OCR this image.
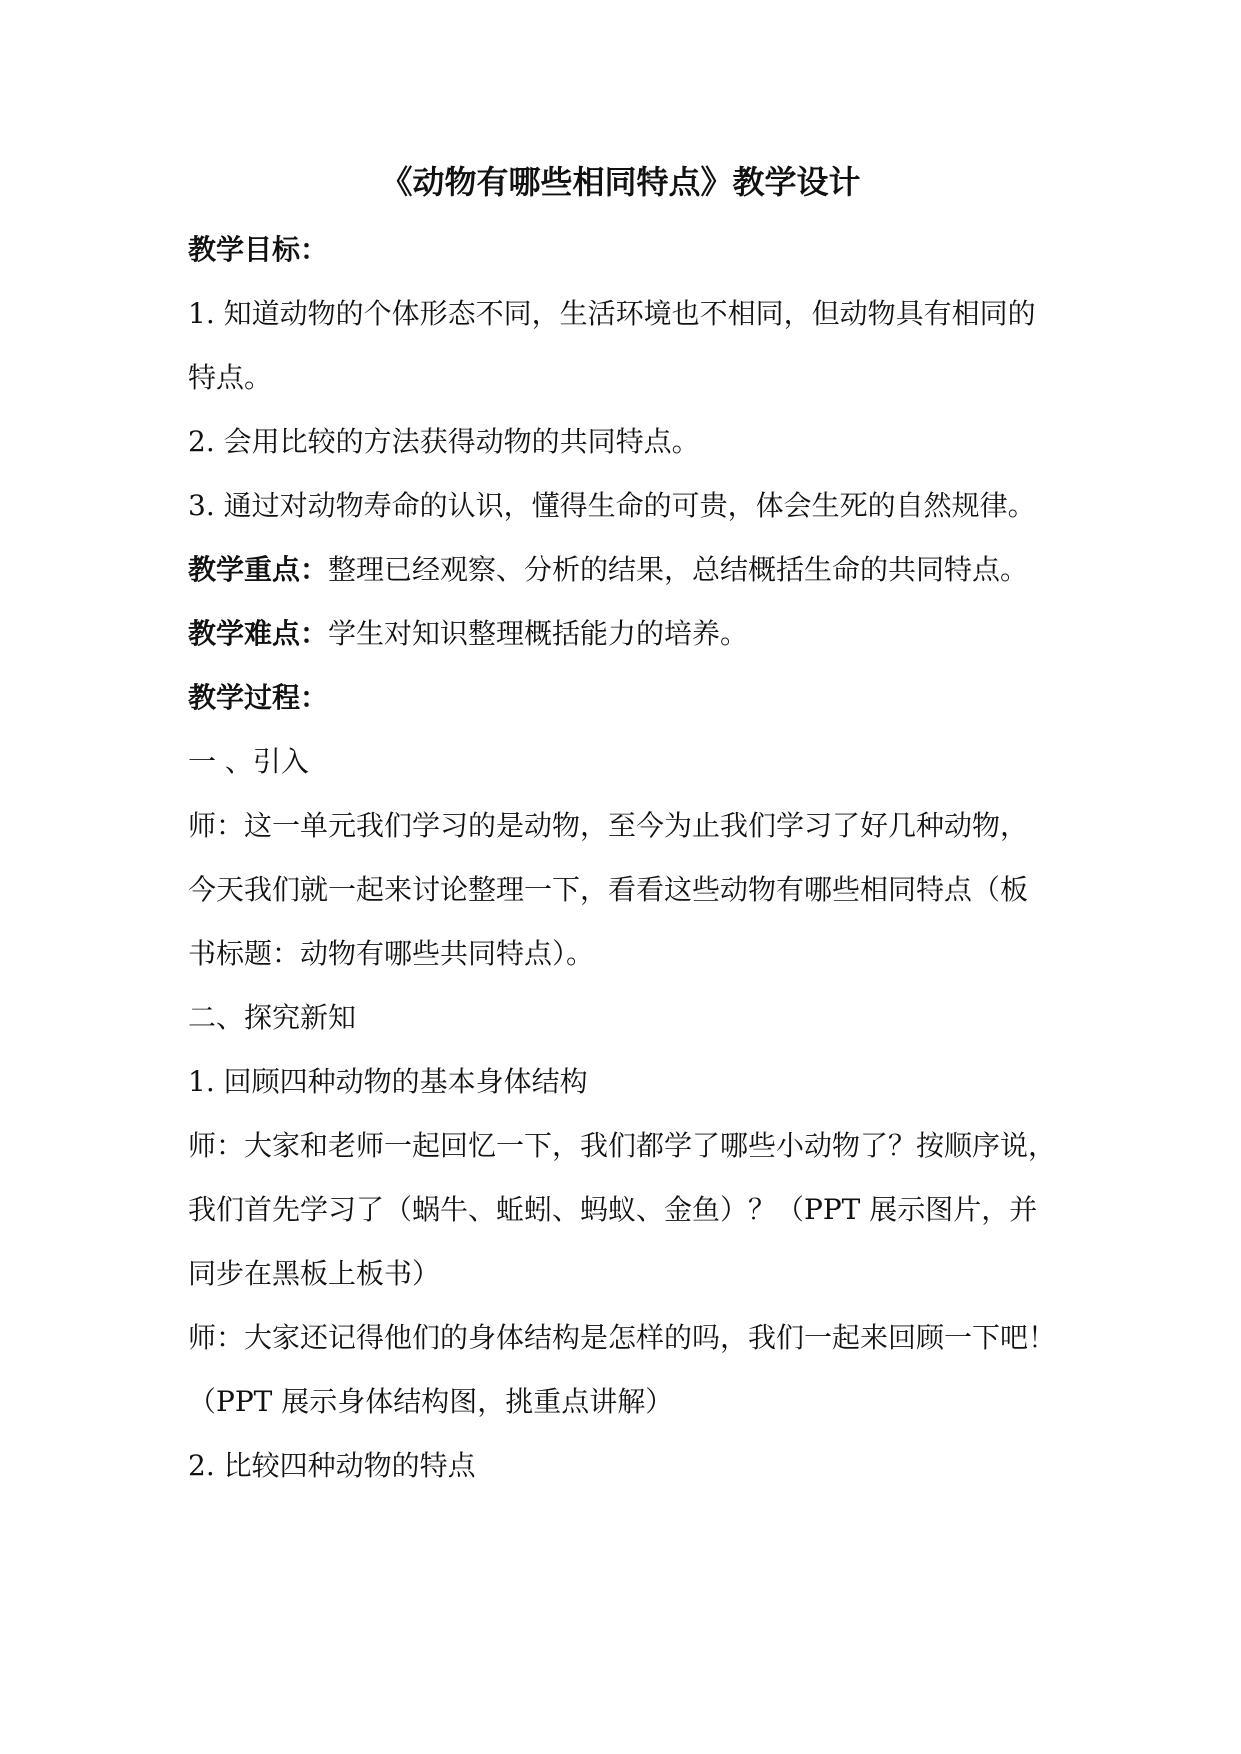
《动物有哪些相同特点》教学设计
教学目标：
1. 知道动物的个体形态不同，生活环境也不相同，但动物具有相同的
特点。
2. 会用比较的方法获得动物的共同特点。
3. 通过对动物寿命的认识，懂得生命的可贵，体会生死的自然规律。
教学重点：整理已经观察、分析的结果，总结概括生命的共同特点。
教学难点：学生对知识整理概括能力的培养。
教学过程：
一 、引入
师：这一单元我们学习的是动物，至今为止我们学习了好几种动物，
今天我们就一起来讨论整理一下，看看这些动物有哪些相同特点（板
书标题：动物有哪些共同特点）。
二、探究新知
1. 回顾四种动物的基本身体结构
师：大家和老师一起回忆一下，我们都学了哪些小动物了？按顺序说，
我们首先学习了（蜗牛、蚯蚓、蚂蚁、金鱼）？（PPT 展示图片，并
同步在黑板上板书）
师：大家还记得他们的身体结构是怎样的吗，我们一起来回顾一下吧！
（PPT 展示身体结构图，挑重点讲解）
2. 比较四种动物的特点
